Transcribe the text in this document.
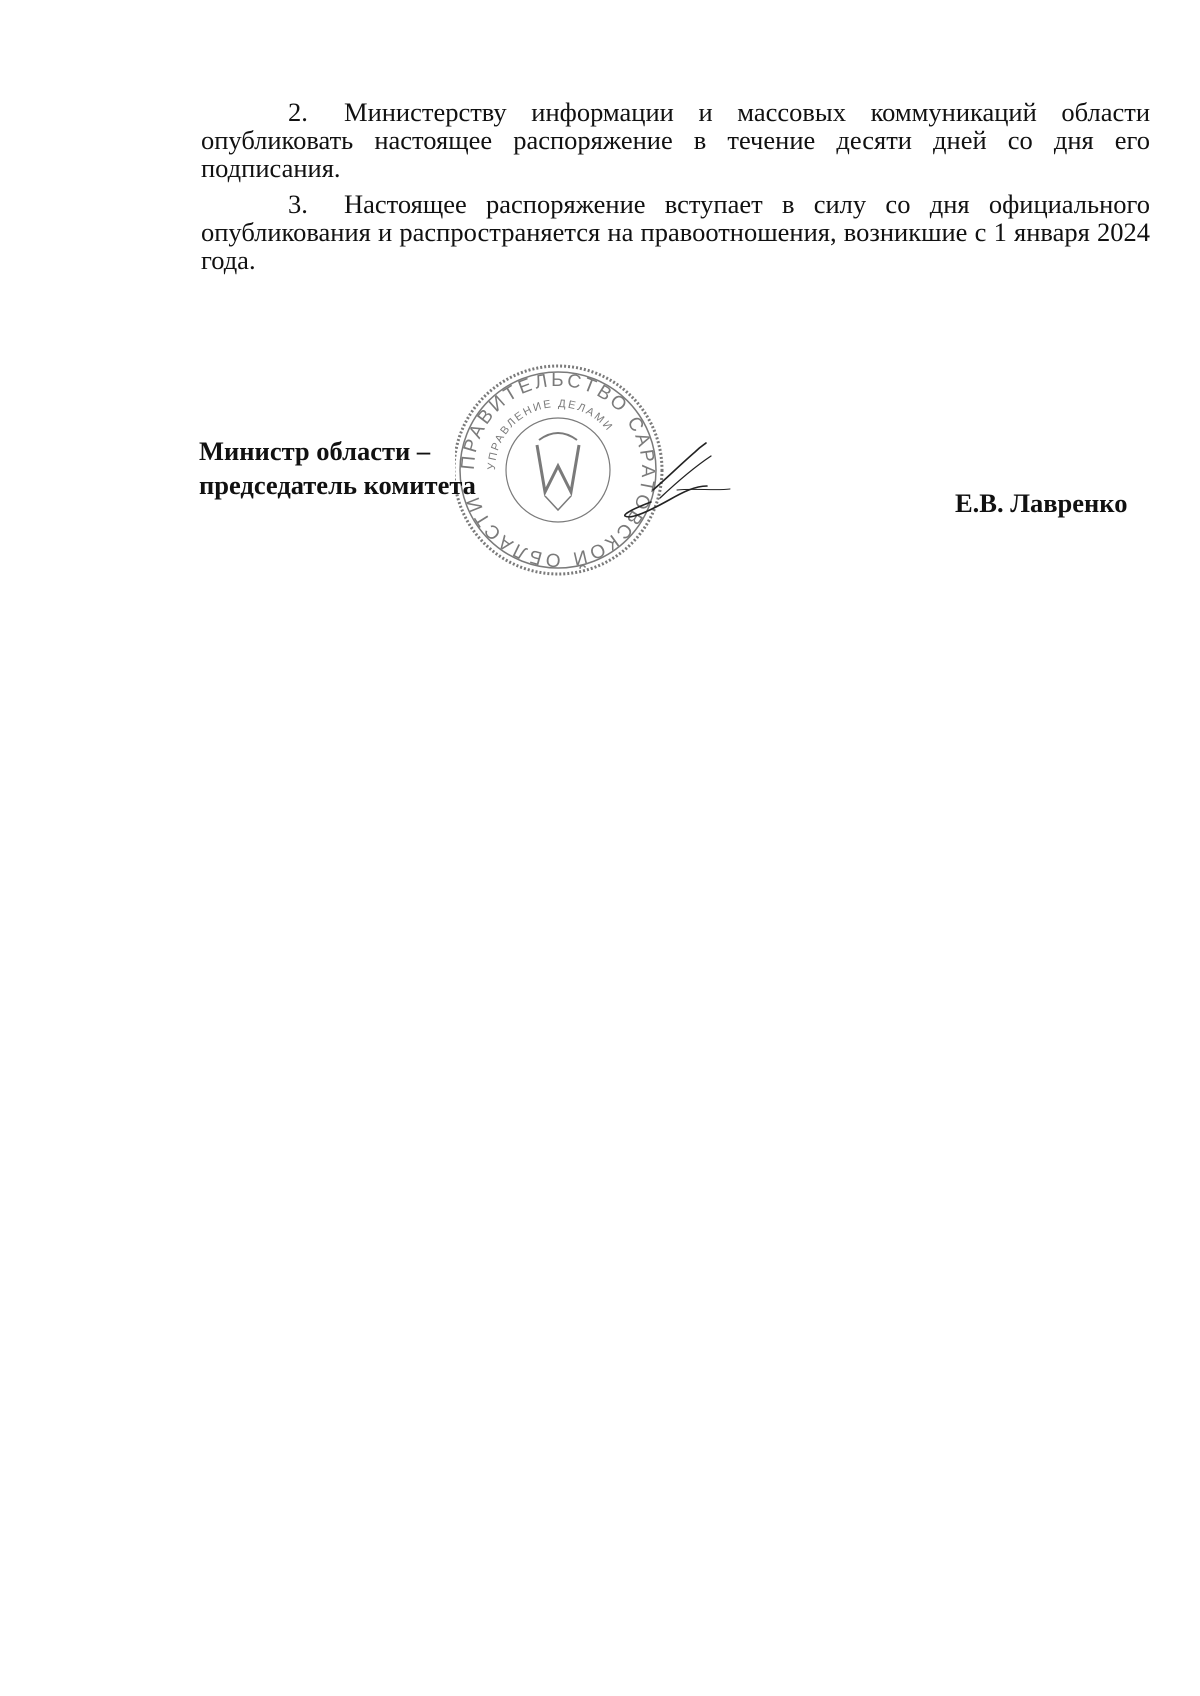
2. Министерству информации и массовых коммуникаций области опубликовать настоящее распоряжение в течение десяти дней со дня его подписания.

3. Настоящее распоряжение вступает в силу со дня официального опубликования и распространяется на правоотношения, возникшие с 1 января 2024 года.

ПРАВИТЕЛЬСТВО САРАТОВСКОЙ ОБЛАСТИ
УПРАВЛЕНИЕ ДЕЛАМИ
Министр области –
председатель комитета
Е.В. Лавренко
